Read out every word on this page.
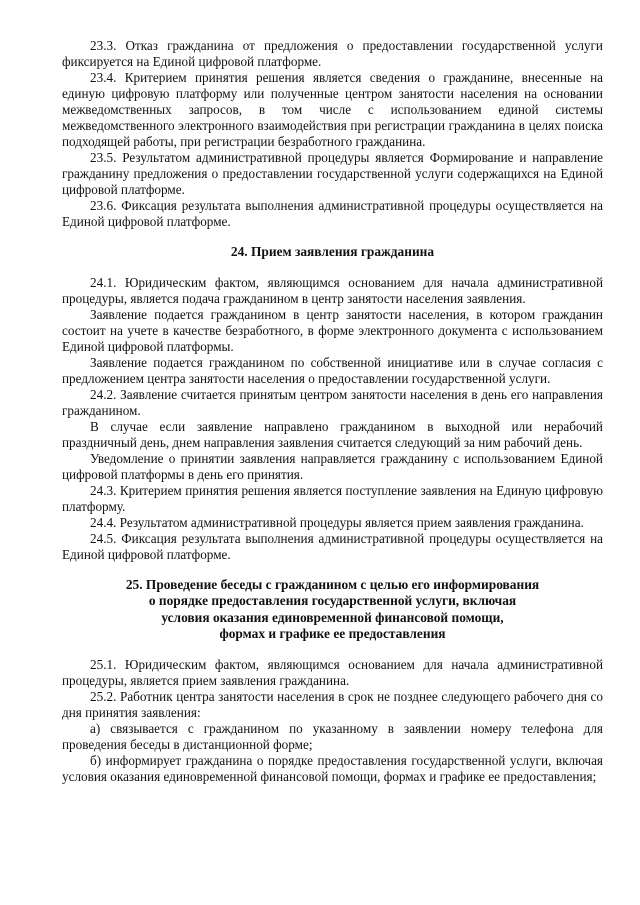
23.3. Отказ гражданина от предложения о предоставлении государственной услуги фиксируется на Единой цифровой платформе.

23.4. Критерием принятия решения является сведения о гражданине, внесенные на единую цифровую платформу или полученные центром занятости населения на основании межведомственных запросов, в том числе с использованием единой системы межведомственного электронного взаимодействия при регистрации гражданина в целях поиска подходящей работы, при регистрации безработного гражданина.

23.5. Результатом административной процедуры является Формирование и направление гражданину предложения о предоставлении государственной услуги содержащихся на Единой цифровой платформе.

23.6. Фиксация результата выполнения административной процедуры осуществляется на Единой цифровой платформе.

24. Прием заявления гражданина

24.1. Юридическим фактом, являющимся основанием для начала административной процедуры, является подача гражданином в центр занятости населения заявления.

Заявление подается гражданином в центр занятости населения, в котором гражданин состоит на учете в качестве безработного, в форме электронного документа с использованием Единой цифровой платформы.

Заявление подается гражданином по собственной инициативе или в случае согласия с предложением центра занятости населения о предоставлении государственной услуги.

24.2. Заявление считается принятым центром занятости населения в день его направления гражданином.

В случае если заявление направлено гражданином в выходной или нерабочий праздничный день, днем направления заявления считается следующий за ним рабочий день.

Уведомление о принятии заявления направляется гражданину с использованием Единой цифровой платформы в день его принятия.

24.3. Критерием принятия решения является поступление заявления на Единую цифровую платформу.

24.4. Результатом административной процедуры является прием заявления гражданина.

24.5. Фиксация результата выполнения административной процедуры осуществляется на Единой цифровой платформе.

25. Проведение беседы с гражданином с целью его информирования

о порядке предоставления государственной услуги, включая

условия оказания единовременной финансовой помощи,

формах и графике ее предоставления

25.1. Юридическим фактом, являющимся основанием для начала административной процедуры, является прием заявления гражданина.

25.2. Работник центра занятости населения в срок не позднее следующего рабочего дня со дня принятия заявления:

а) связывается с гражданином по указанному в заявлении номеру телефона для проведения беседы в дистанционной форме;

б) информирует гражданина о порядке предоставления государственной услуги, включая условия оказания единовременной финансовой помощи, формах и графике ее предоставления;
